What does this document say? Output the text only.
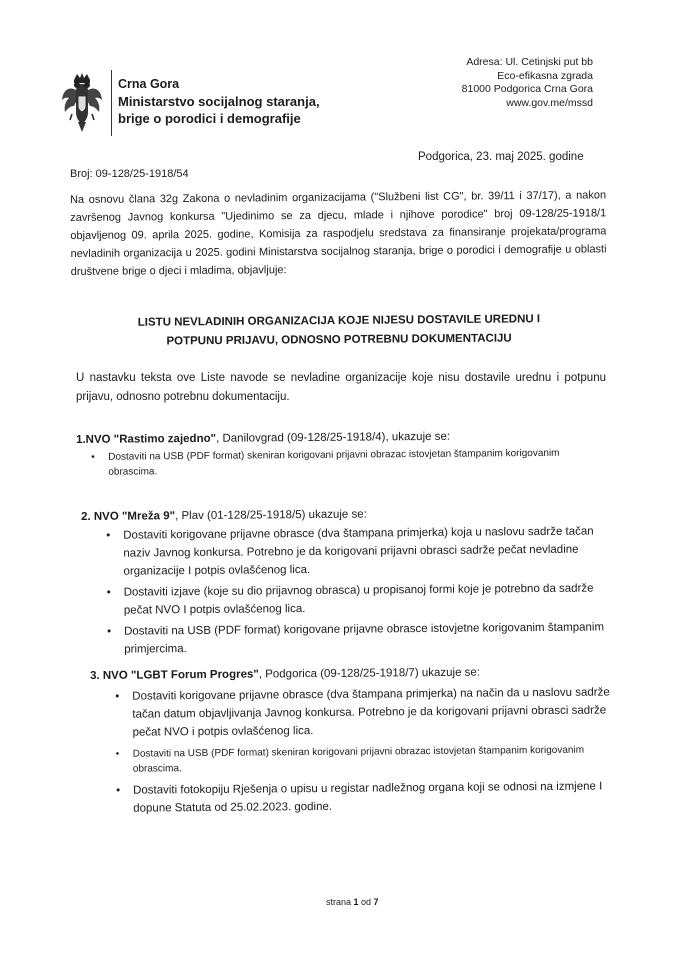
Crna Gora
Ministarstvo socijalnog staranja,
brige o porodici i demografije
Adresa: Ul. Cetinjski put bb
Eco-efikasna zgrada
81000 Podgorica Crna Gora
www.gov.me/mssd
Podgorica, 23. maj 2025. godine
Broj: 09-128/25-1918/54
Na osnovu člana 32g Zakona o nevladinim organizacijama ("Službeni list CG", br. 39/11 i 37/17), a nakon završenog Javnog konkursa "Ujedinimo se za djecu, mlade i njihove porodice" broj 09-128/25-1918/1 objavljenog 09. aprila 2025. godine, Komisija za raspodjelu sredstava za finansiranje projekata/programa nevladinih organizacija u 2025. godini Ministarstva socijalnog staranja, brige o porodici i demografije u oblasti društvene brige o djeci i mladima, objavljuje:
LISTU NEVLADINIH ORGANIZACIJA KOJE NIJESU DOSTAVILE UREDNU I
POTPUNU PRIJAVU, ODNOSNO POTREBNU DOKUMENTACIJU
U nastavku teksta ove Liste navode se nevladine organizacije koje nisu dostavile urednu i potpunu prijavu, odnosno potrebnu dokumentaciju.
1.NVO "Rastimo zajedno", Danilovgrad (09-128/25-1918/4), ukazuje se:
• Dostaviti na USB (PDF format) skeniran korigovani prijavni obrazac istovjetan štampanim korigovanim obrascima.
2. NVO "Mreža 9", Plav (01-128/25-1918/5) ukazuje se:
• Dostaviti korigovane prijavne obrasce (dva štampana primjerka) koja u naslovu sadrže tačan naziv Javnog konkursa. Potrebno je da korigovani prijavni obrasci sadrže pečat nevladine organizacije I potpis ovlašćenog lica.
• Dostaviti izjave (koje su dio prijavnog obrasca) u propisanoj formi koje je potrebno da sadrže pečat NVO I potpis ovlašćenog lica.
• Dostaviti na USB (PDF format) korigovane prijavne obrasce istovjetne korigovanim štampanim primjercima.
3. NVO "LGBT Forum Progres", Podgorica (09-128/25-1918/7) ukazuje se:
• Dostaviti korigovane prijavne obrasce (dva štampana primjerka) na način da u naslovu sadrže tačan datum objavljivanja Javnog konkursa. Potrebno je da korigovani prijavni obrasci sadrže pečat NVO i potpis ovlašćenog lica.
• Dostaviti na USB (PDF format) skeniran korigovani prijavni obrazac istovjetan štampanim korigovanim obrascima.
• Dostaviti fotokopiju Rješenja o upisu u registar nadležnog organa koji se odnosi na izmjene I dopune Statuta od 25.02.2023. godine.
strana 1 od 7
